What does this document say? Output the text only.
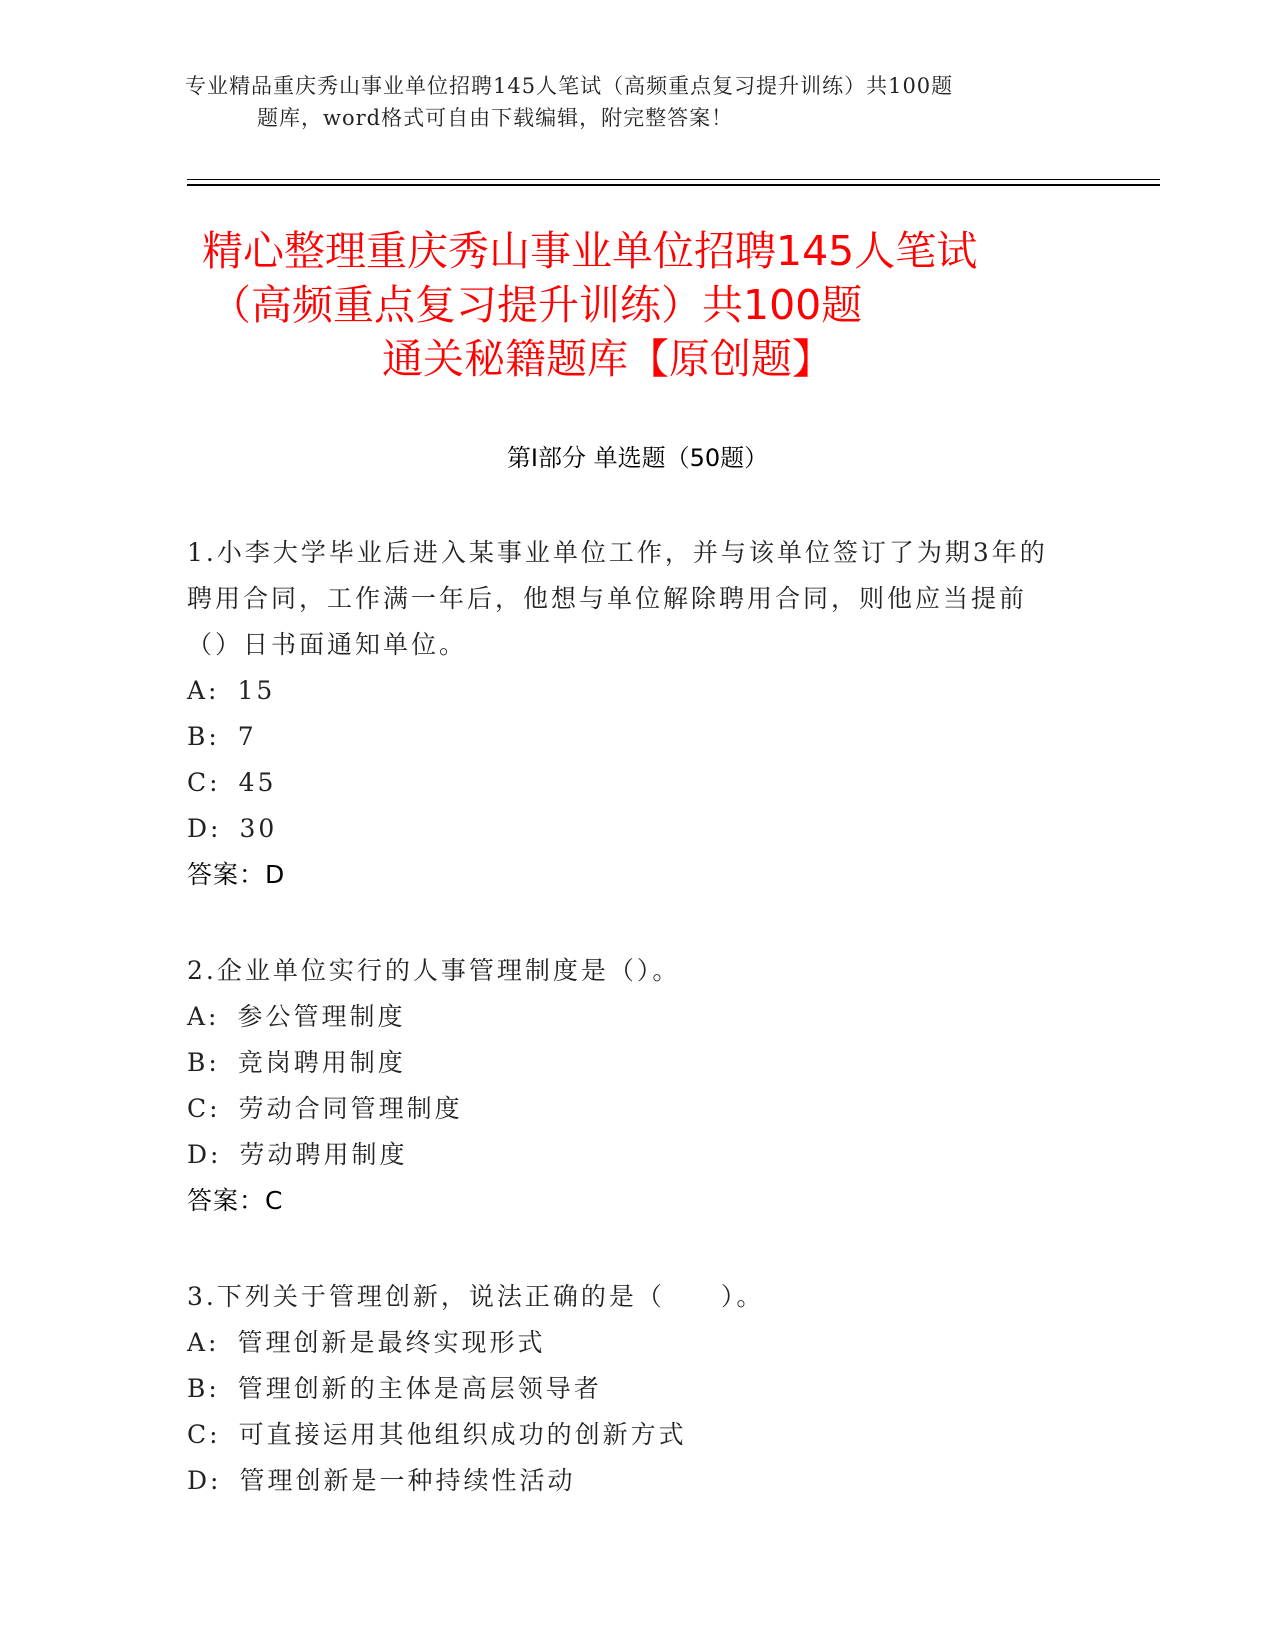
专业精品重庆秀山事业单位招聘145人笔试（高频重点复习提升训练）共100题
题库，word格式可自由下载编辑，附完整答案！
精心整理重庆秀山事业单位招聘145人笔试
（高频重点复习提升训练）共100题
通关秘籍题库【原创题】
第Ⅰ部分 单选题（50题）

1.小李大学毕业后进入某事业单位工作，并与该单位签订了为期3年的聘用合同，工作满一年后，他想与单位解除聘用合同，则他应当提前（）日书面通知单位。

A: 15

B: 7

C: 45

D: 30

答案：D

2.企业单位实行的人事管理制度是（）。

A: 参公管理制度

B: 竞岗聘用制度

C: 劳动合同管理制度

D: 劳动聘用制度

答案：C

3.下列关于管理创新，说法正确的是（　　）。

A: 管理创新是最终实现形式

B: 管理创新的主体是高层领导者

C: 可直接运用其他组织成功的创新方式

D: 管理创新是一种持续性活动
